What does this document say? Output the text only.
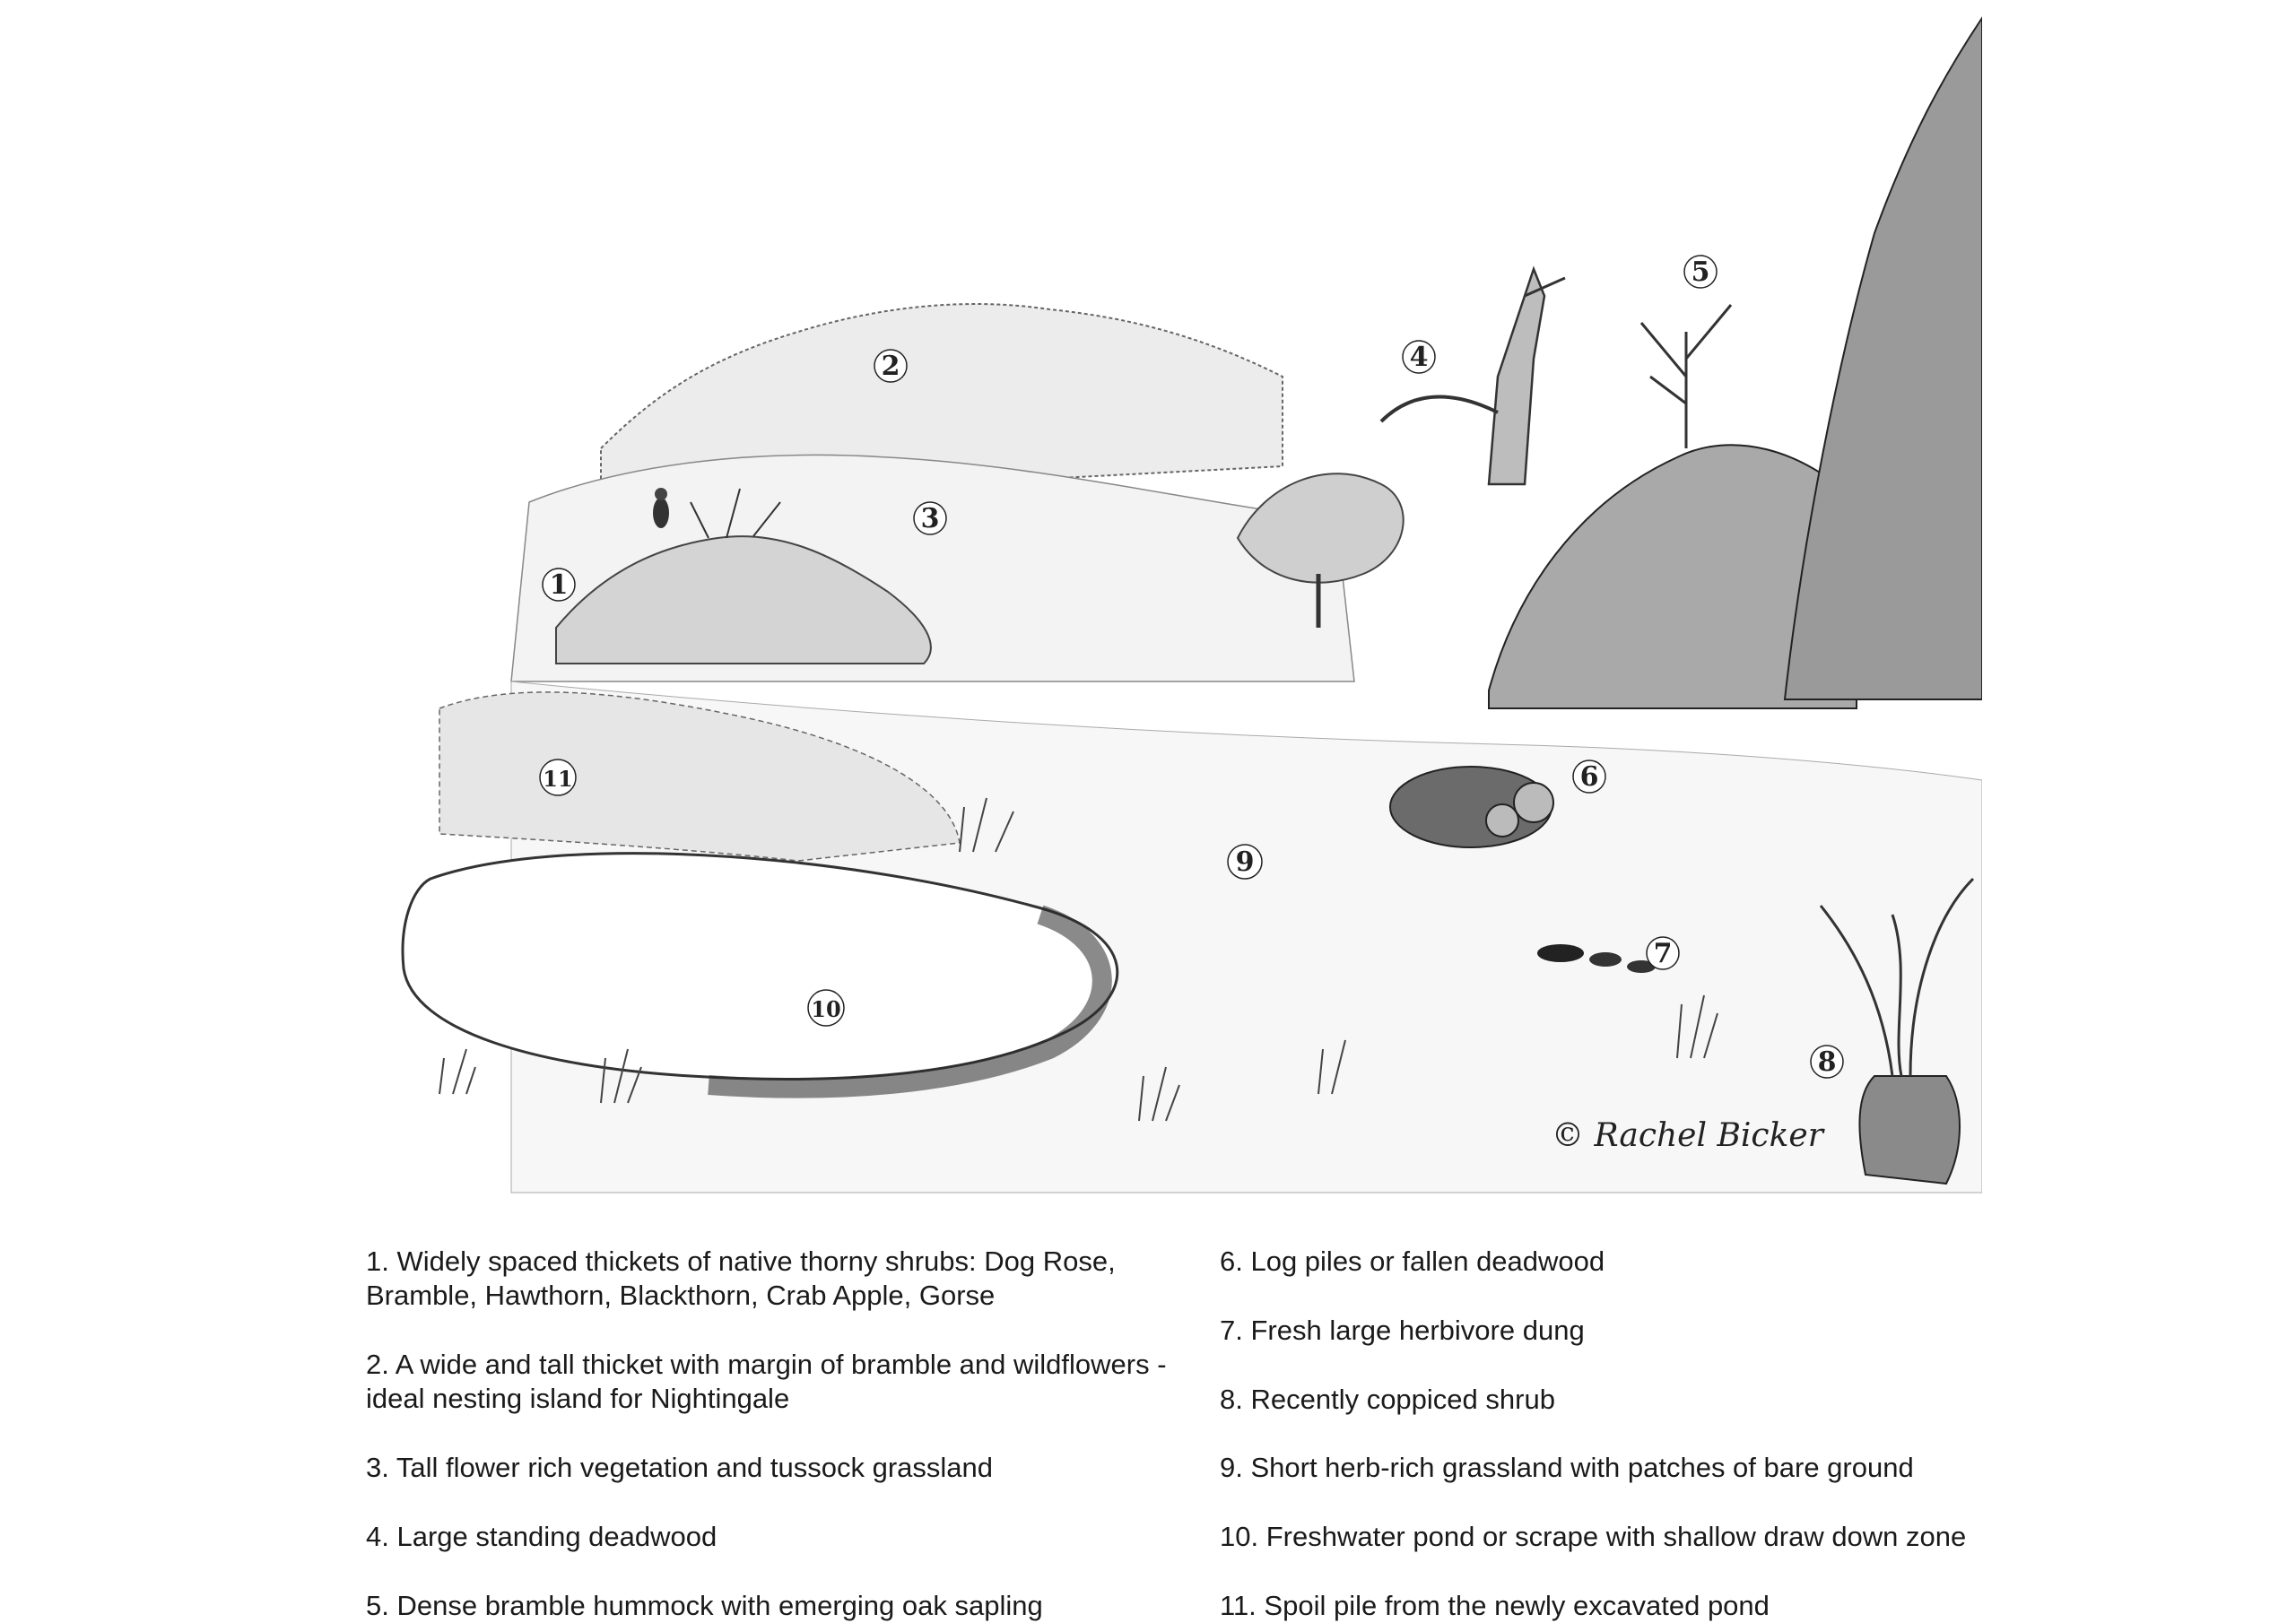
1
2
3
4
5
6
7
8
9
10
11
© Rachel Bicker

1. Widely spaced thickets of native thorny shrubs: Dog Rose, Bramble, Hawthorn, Blackthorn, Crab Apple, Gorse

2. A wide and tall thicket with margin of bramble and wildflowers - ideal nesting island for Nightingale

3. Tall flower rich vegetation and tussock grassland

4. Large standing deadwood

5. Dense bramble hummock with emerging oak sapling

6. Log piles or fallen deadwood

7. Fresh large herbivore dung

8. Recently coppiced shrub

9. Short herb-rich grassland with patches of bare ground

10. Freshwater pond or scrape with shallow draw down zone

11. Spoil pile from the newly excavated pond
